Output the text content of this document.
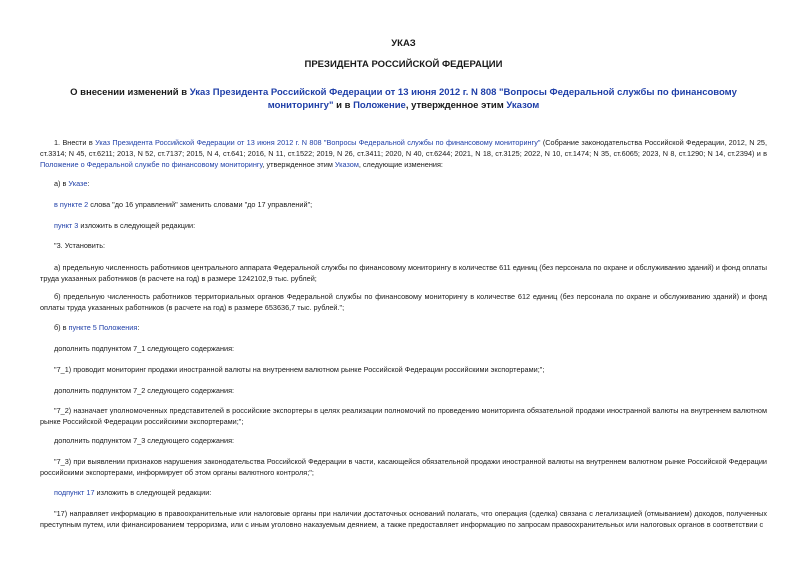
УКАЗ
ПРЕЗИДЕНТА РОССИЙСКОЙ ФЕДЕРАЦИИ
О внесении изменений в Указ Президента Российской Федерации от 13 июня 2012 г. N 808 "Вопросы Федеральной службы по финансовому мониторингу" и в Положение, утвержденное этим Указом
1. Внести в Указ Президента Российской Федерации от 13 июня 2012 г. N 808 "Вопросы Федеральной службы по финансовому мониторингу" (Собрание законодательства Российской Федерации, 2012, N 25, ст.3314; N 45, ст.6211; 2013, N 52, ст.7137; 2015, N 4, ст.641; 2016, N 11, ст.1522; 2019, N 26, ст.3411; 2020, N 40, ст.6244; 2021, N 18, ст.3125; 2022, N 10, ст.1474; N 35, ст.6065; 2023, N 8, ст.1290; N 14, ст.2394) и в Положение о Федеральной службе по финансовому мониторингу, утвержденное этим Указом, следующие изменения:
а) в Указе:
в пункте 2 слова "до 16 управлений" заменить словами "до 17 управлений";
пункт 3 изложить в следующей редакции:
"3. Установить:
а) предельную численность работников центрального аппарата Федеральной службы по финансовому мониторингу в количестве 611 единиц (без персонала по охране и обслуживанию зданий) и фонд оплаты труда указанных работников (в расчете на год) в размере 1242102,9 тыс. рублей;
б) предельную численность работников территориальных органов Федеральной службы по финансовому мониторингу в количестве 612 единиц (без персонала по охране и обслуживанию зданий) и фонд оплаты труда указанных работников (в расчете на год) в размере 653636,7 тыс. рублей.";
б) в пункте 5 Положения:
дополнить подпунктом 7_1 следующего содержания:
"7_1) проводит мониторинг продажи иностранной валюты на внутреннем валютном рынке Российской Федерации российскими экспортерами;";
дополнить подпунктом 7_2 следующего содержания:
"7_2) назначает уполномоченных представителей в российские экспортеры в целях реализации полномочий по проведению мониторинга обязательной продажи иностранной валюты на внутреннем валютном рынке Российской Федерации российскими экспортерами;";
дополнить подпунктом 7_3 следующего содержания:
"7_3) при выявлении признаков нарушения законодательства Российской Федерации в части, касающейся обязательной продажи иностранной валюты на внутреннем валютном рынке Российской Федерации российскими экспортерами, информирует об этом органы валютного контроля;";
подпункт 17 изложить в следующей редакции:
"17) направляет информацию в правоохранительные или налоговые органы при наличии достаточных оснований полагать, что операция (сделка) связана с легализацией (отмыванием) доходов, полученных преступным путем, или финансированием терроризма, или с иным уголовно наказуемым деянием, а также предоставляет информацию по запросам правоохранительных или налоговых органов в соответствии с
